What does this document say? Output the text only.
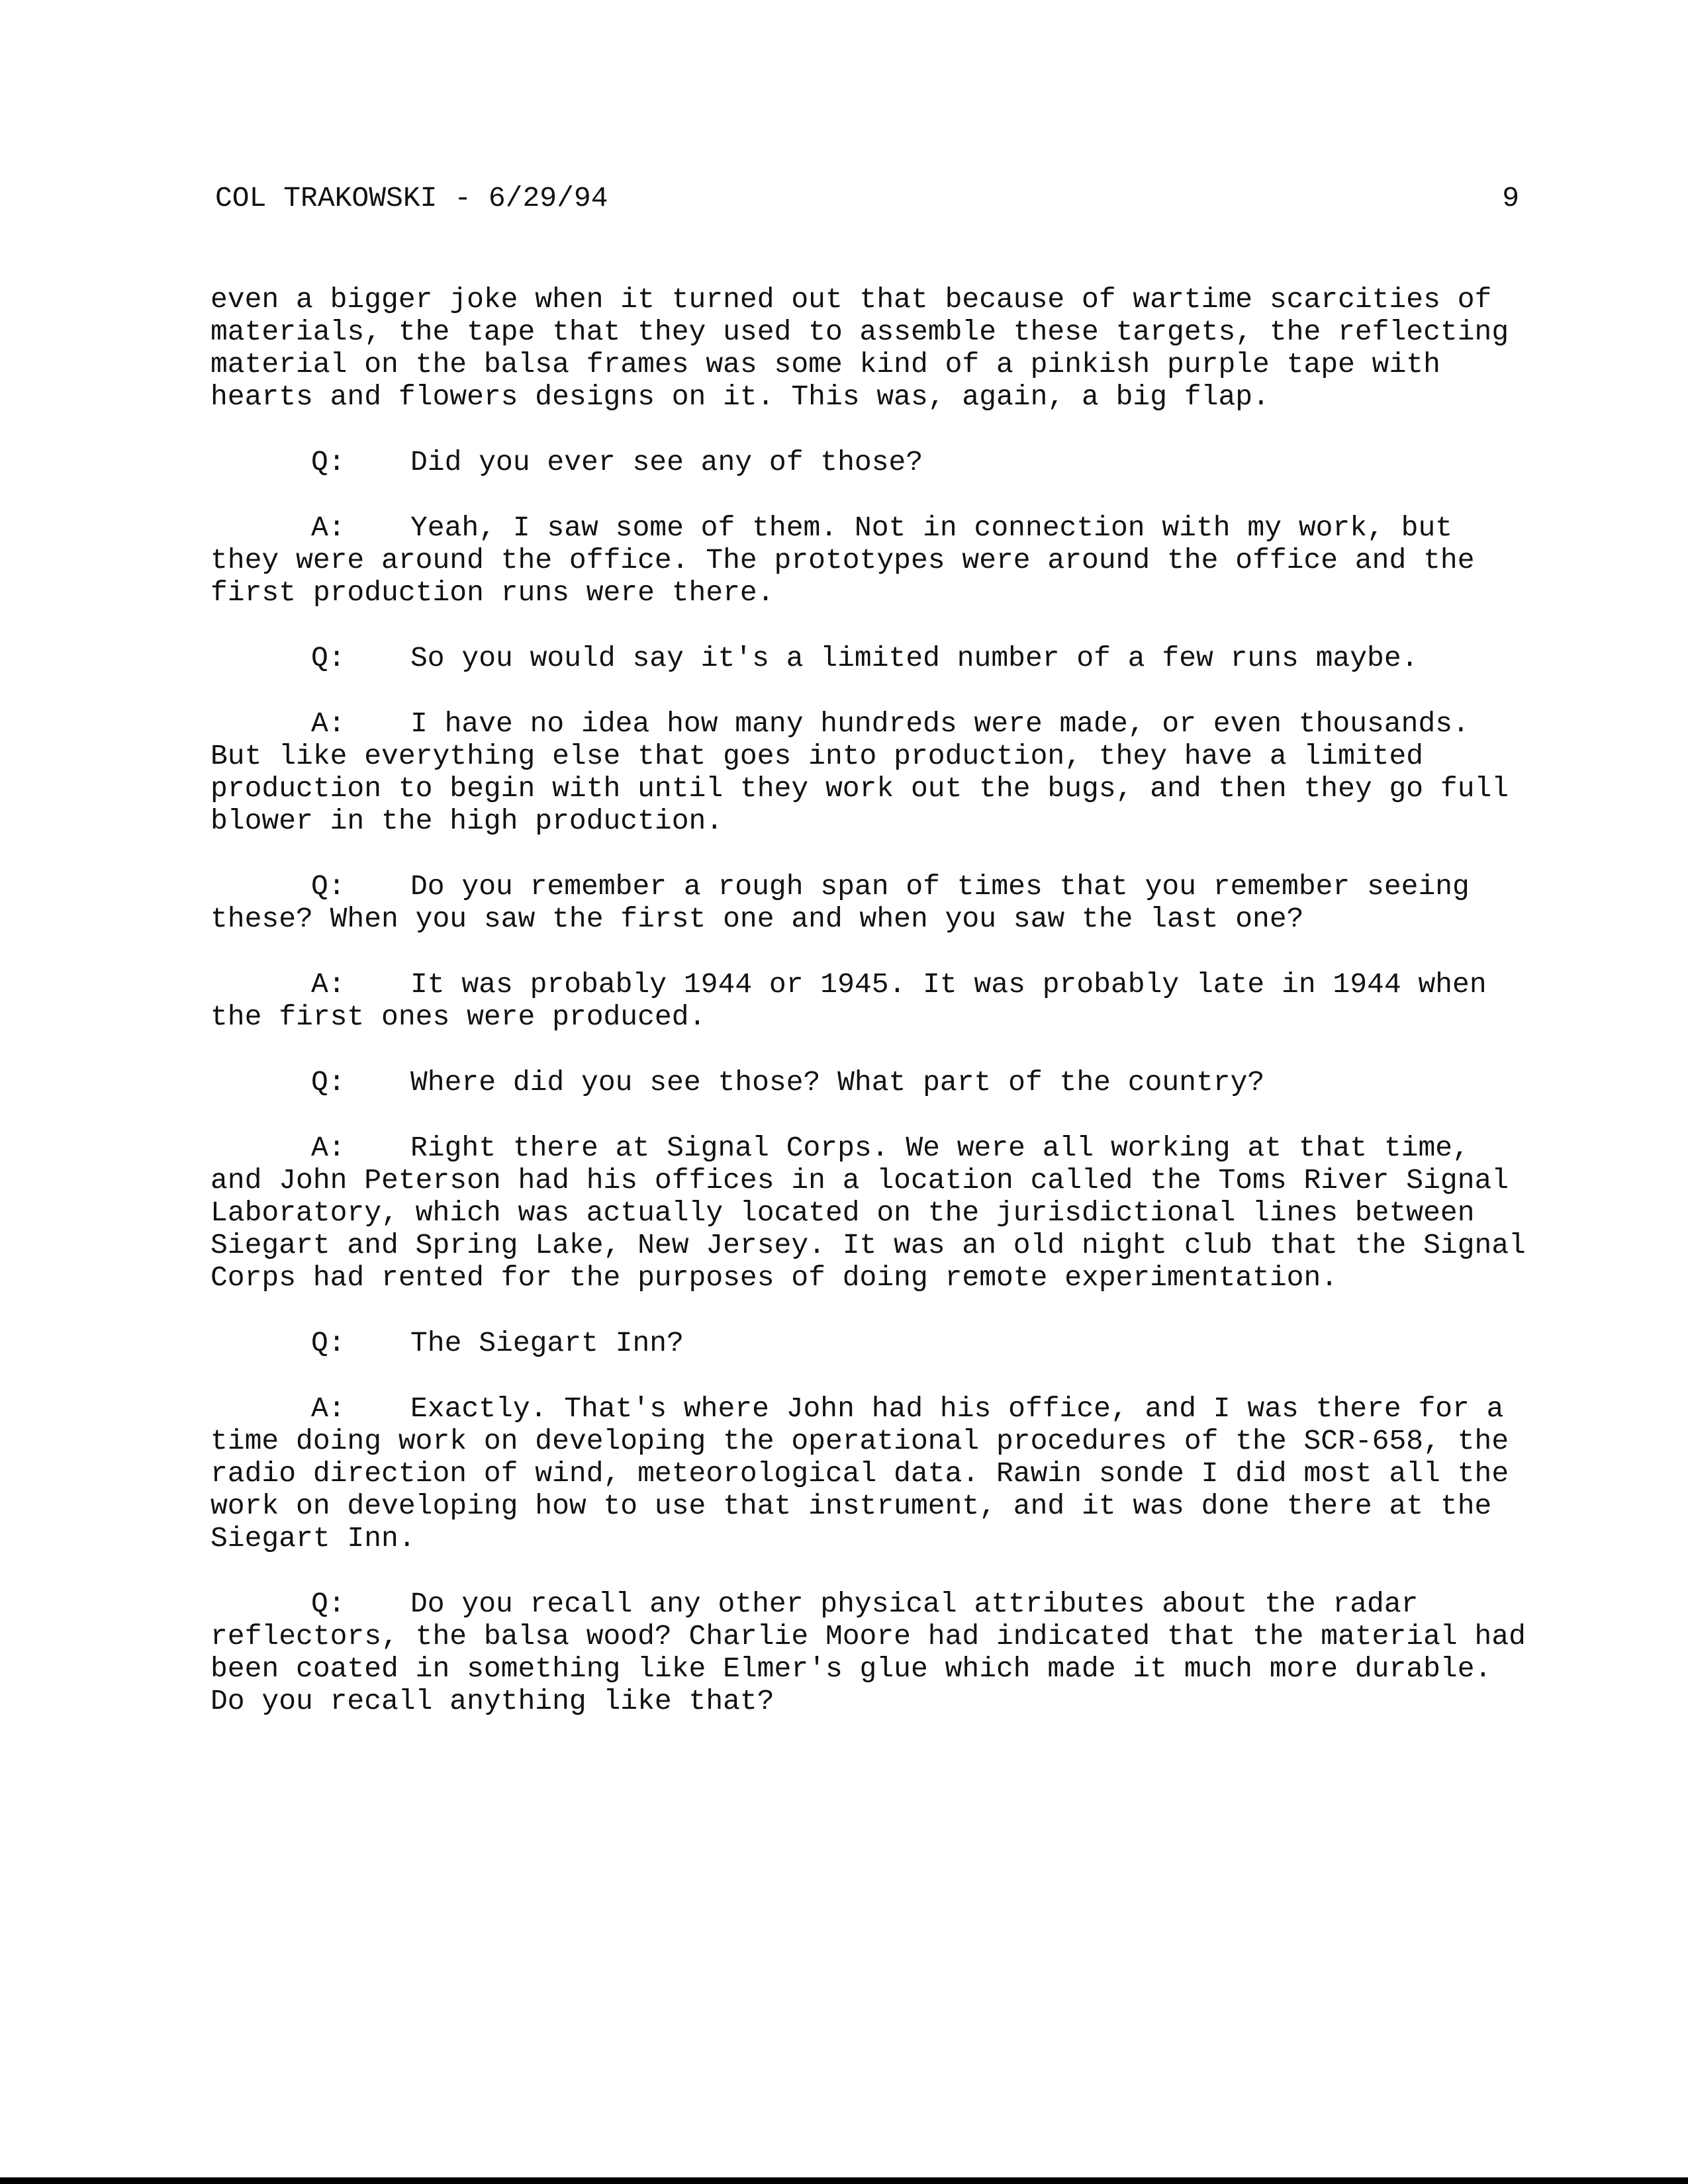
COL TRAKOWSKI - 6/29/94	9

even a bigger joke when it turned out that because of wartime scarcities of materials, the tape that they used to assemble these targets, the reflecting material on the balsa frames was some kind of a pinkish purple tape with hearts and flowers designs on it. This was, again, a big flap.

Q: Did you ever see any of those?

A: Yeah, I saw some of them. Not in connection with my work, but they were around the office. The prototypes were around the office and the first production runs were there.

Q: So you would say it's a limited number of a few runs maybe.

A: I have no idea how many hundreds were made, or even thousands. But like everything else that goes into production, they have a limited production to begin with until they work out the bugs, and then they go full blower in the high production.

Q: Do you remember a rough span of times that you remember seeing these? When you saw the first one and when you saw the last one?

A: It was probably 1944 or 1945. It was probably late in 1944 when the first ones were produced.

Q: Where did you see those? What part of the country?

A: Right there at Signal Corps. We were all working at that time, and John Peterson had his offices in a location called the Toms River Signal Laboratory, which was actually located on the jurisdictional lines between Siegart and Spring Lake, New Jersey. It was an old night club that the Signal Corps had rented for the purposes of doing remote experimentation.

Q: The Siegart Inn?

A: Exactly. That's where John had his office, and I was there for a time doing work on developing the operational procedures of the SCR-658, the radio direction of wind, meteorological data. Rawin sonde I did most all the work on developing how to use that instrument, and it was done there at the Siegart Inn.

Q: Do you recall any other physical attributes about the radar reflectors, the balsa wood? Charlie Moore had indicated that the material had been coated in something like Elmer's glue which made it much more durable. Do you recall anything like that?
